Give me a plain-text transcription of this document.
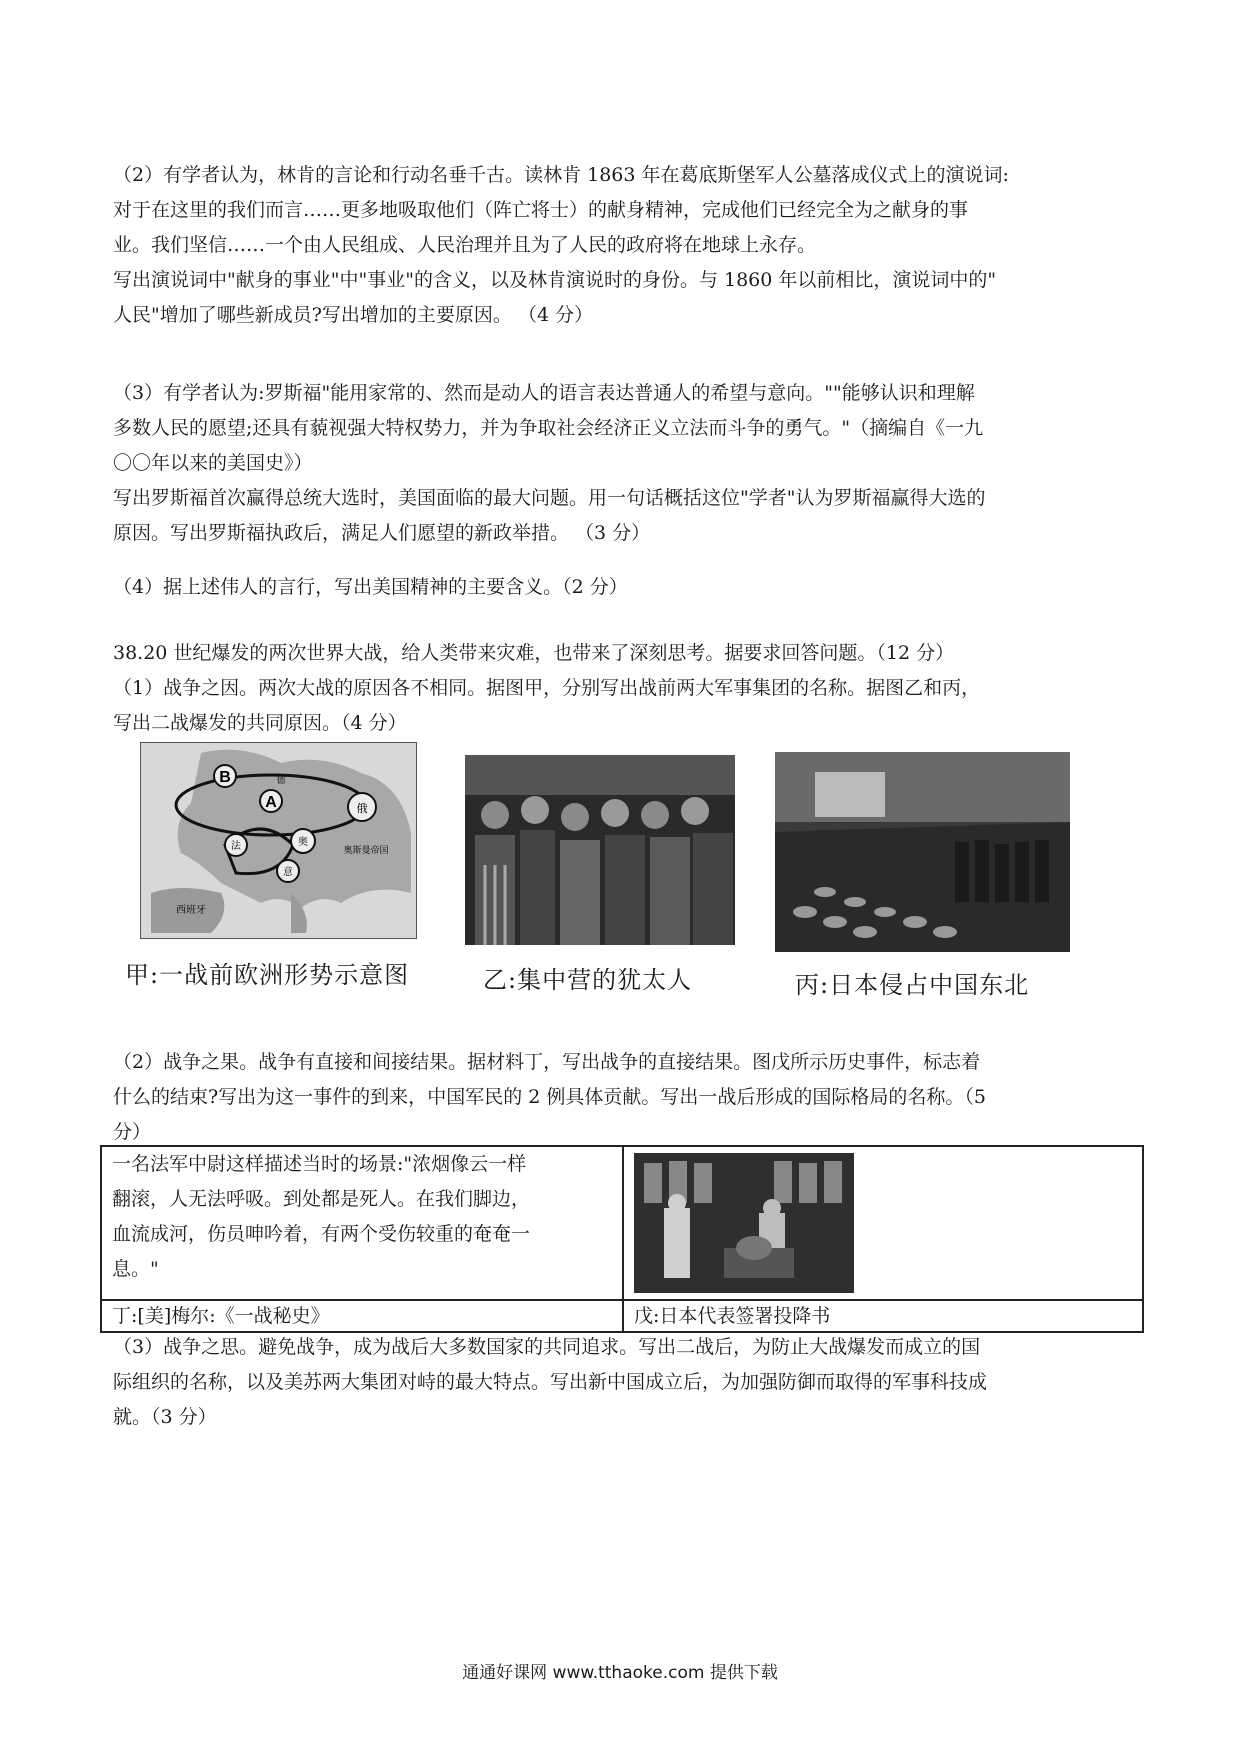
（2）有学者认为，林肯的言论和行动名垂千古。读林肯 1863 年在葛底斯堡军人公墓落成仪式上的演说词:
对于在这里的我们而言……更多地吸取他们（阵亡将士）的献身精神，完成他们已经完全为之献身的事
业。我们坚信……一个由人民组成、人民治理并且为了人民的政府将在地球上永存。
写出演说词中"献身的事业"中"事业"的含义，以及林肯演说时的身份。与 1860 年以前相比，演说词中的"
人民"增加了哪些新成员?写出增加的主要原因。 （4 分）
（3）有学者认为:罗斯福"能用家常的、然而是动人的语言表达普通人的希望与意向。""能够认识和理解
多数人民的愿望;还具有藐视强大特权势力，并为争取社会经济正义立法而斗争的勇气。"（摘编自《一九
〇〇年以来的美国史》）
写出罗斯福首次赢得总统大选时，美国面临的最大问题。用一句话概括这位"学者"认为罗斯福赢得大选的
原因。写出罗斯福执政后，满足人们愿望的新政举措。 （3 分）
（4）据上述伟人的言行，写出美国精神的主要含义。（2 分）
38.20 世纪爆发的两次世界大战，给人类带来灾难，也带来了深刻思考。据要求回答问题。（12 分）
（1）战争之因。两次大战的原因各不相同。据图甲，分别写出战前两大军事集团的名称。据图乙和丙，
写出二战爆发的共同原因。（4 分）
B
A	俄
法	奥
意
德
西班牙
奥斯曼帝国
甲:一战前欧洲形势示意图	乙:集中营的犹太人	丙:日本侵占中国东北
（2）战争之果。战争有直接和间接结果。据材料丁，写出战争的直接结果。图戊所示历史事件，标志着
什么的结束?写出为这一事件的到来，中国军民的 2 例具体贡献。写出一战后形成的国际格局的名称。（5
分）
一名法军中尉这样描述当时的场景:"浓烟像云一样
翻滚，人无法呼吸。到处都是死人。在我们脚边，
血流成河，伤员呻吟着，有两个受伤较重的奄奄一
息。"

丁:[美]梅尔:《一战秘史》	戊:日本代表签署投降书
（3）战争之思。避免战争，成为战后大多数国家的共同追求。写出二战后，为防止大战爆发而成立的国
际组织的名称，以及美苏两大集团对峙的最大特点。写出新中国成立后，为加强防御而取得的军事科技成
就。（3 分）
通通好课网 www.tthaoke.com 提供下载
